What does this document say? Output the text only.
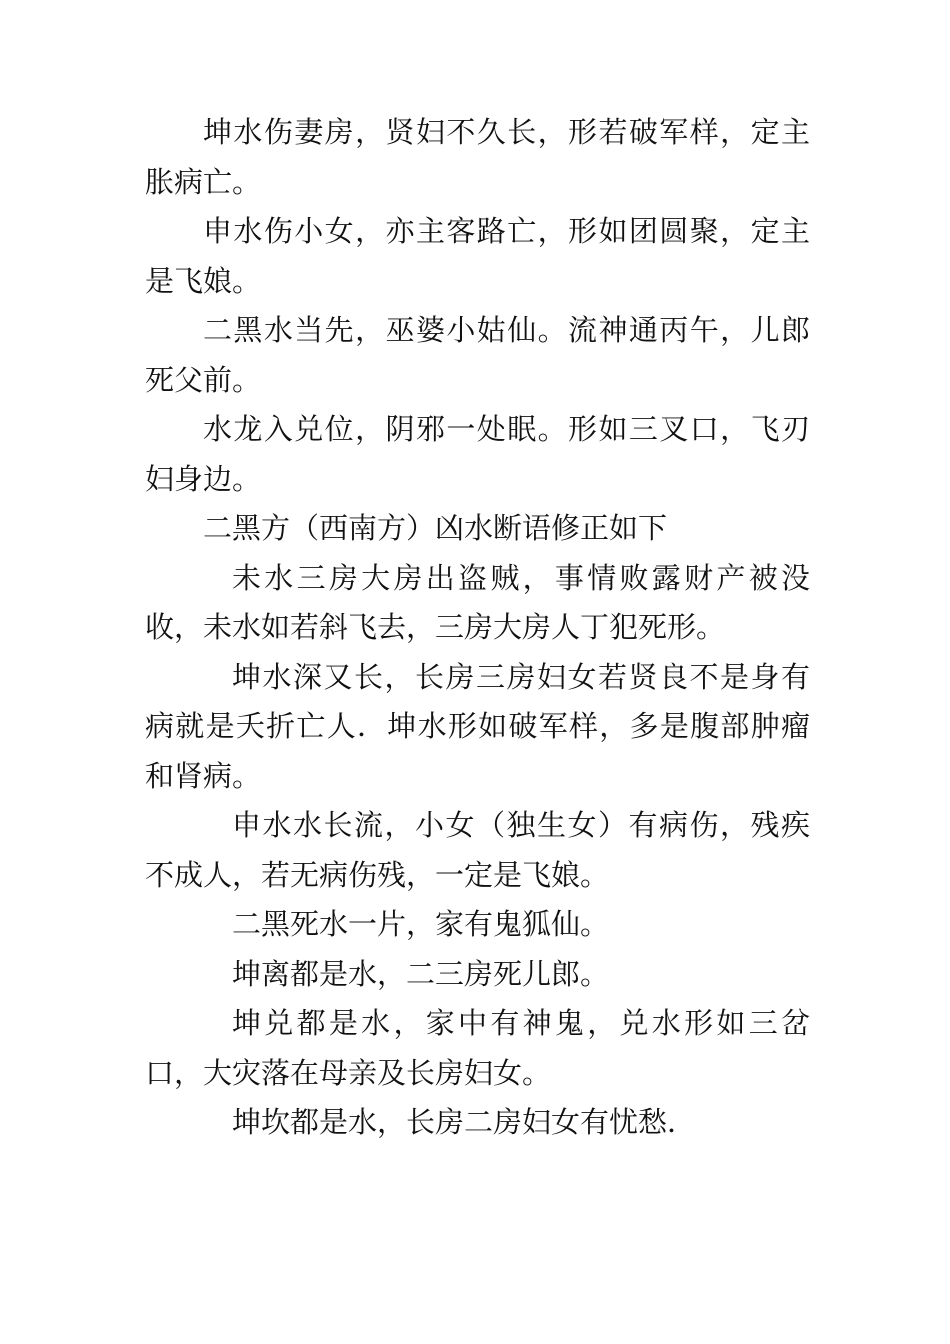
坤水伤妻房，贤妇不久长，形若破军样，定主胀病亡。

申水伤小女，亦主客路亡，形如团圆聚，定主是飞娘。

二黑水当先，巫婆小姑仙。流神通丙午，儿郎死父前。

水龙入兑位，阴邪一处眠。形如三叉口，飞刃妇身边。

二黑方（西南方）凶水断语修正如下

未水三房大房出盗贼，事情败露财产被没收，未水如若斜飞去，三房大房人丁犯死形。

坤水深又长，长房三房妇女若贤良不是身有病就是夭折亡人．坤水形如破军样，多是腹部肿瘤和肾病。

申水水长流，小女（独生女）有病伤，残疾不成人，若无病伤残，一定是飞娘。

二黑死水一片，家有鬼狐仙。

坤离都是水，二三房死儿郎。

坤兑都是水，家中有神鬼，兑水形如三岔口，大灾落在母亲及长房妇女。

坤坎都是水，长房二房妇女有忧愁．
